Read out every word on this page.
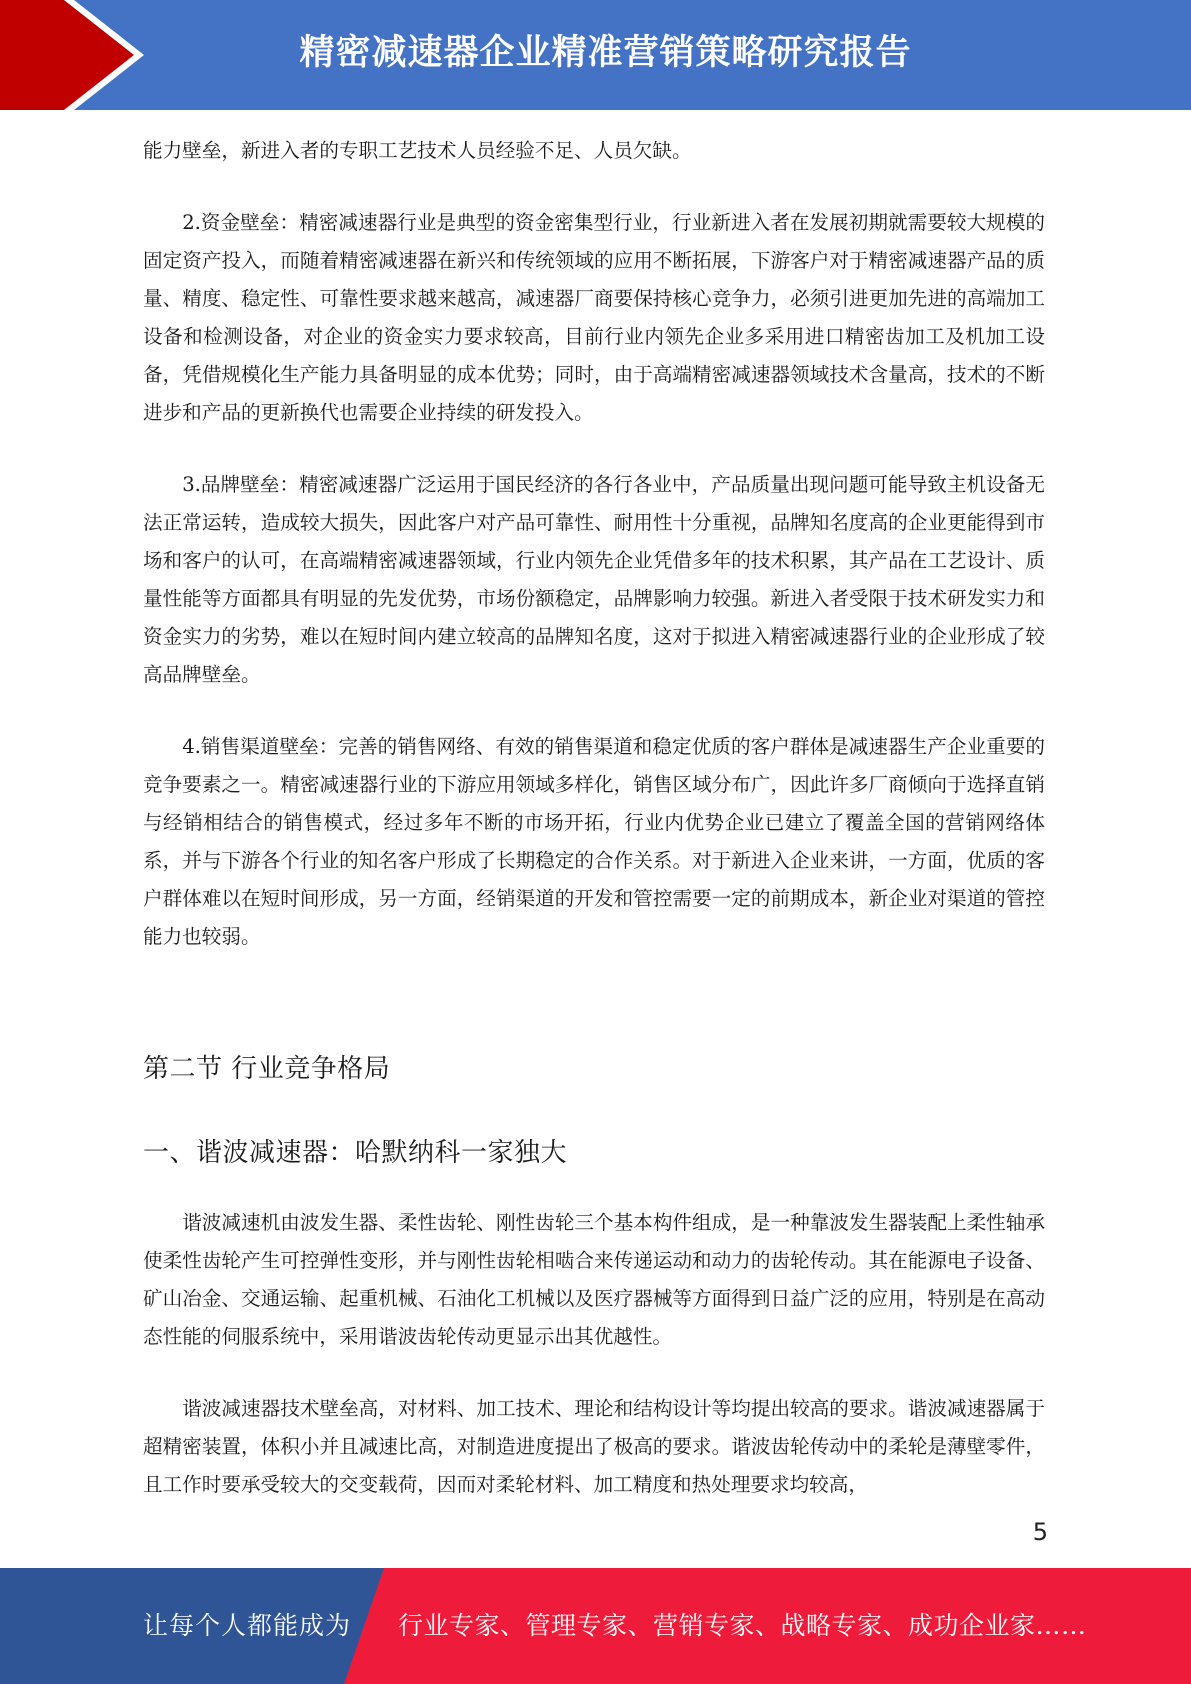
精密减速器企业精准营销策略研究报告

能力壁垒，新进入者的专职工艺技术人员经验不足、人员欠缺。

2.资金壁垒：精密减速器行业是典型的资金密集型行业，行业新进入者在发展初期就需要较大规模的固定资产投入，而随着精密减速器在新兴和传统领域的应用不断拓展，下游客户对于精密减速器产品的质量、精度、稳定性、可靠性要求越来越高，减速器厂商要保持核心竞争力，必须引进更加先进的高端加工设备和检测设备，对企业的资金实力要求较高，目前行业内领先企业多采用进口精密齿加工及机加工设备，凭借规模化生产能力具备明显的成本优势；同时，由于高端精密减速器领域技术含量高，技术的不断进步和产品的更新换代也需要企业持续的研发投入。

3.品牌壁垒：精密减速器广泛运用于国民经济的各行各业中，产品质量出现问题可能导致主机设备无法正常运转，造成较大损失，因此客户对产品可靠性、耐用性十分重视，品牌知名度高的企业更能得到市场和客户的认可，在高端精密减速器领域，行业内领先企业凭借多年的技术积累，其产品在工艺设计、质量性能等方面都具有明显的先发优势，市场份额稳定，品牌影响力较强。新进入者受限于技术研发实力和资金实力的劣势，难以在短时间内建立较高的品牌知名度，这对于拟进入精密减速器行业的企业形成了较高品牌壁垒。

4.销售渠道壁垒：完善的销售网络、有效的销售渠道和稳定优质的客户群体是减速器生产企业重要的竞争要素之一。精密减速器行业的下游应用领域多样化，销售区域分布广，因此许多厂商倾向于选择直销与经销相结合的销售模式，经过多年不断的市场开拓，行业内优势企业已建立了覆盖全国的营销网络体系，并与下游各个行业的知名客户形成了长期稳定的合作关系。对于新进入企业来讲，一方面，优质的客户群体难以在短时间形成，另一方面，经销渠道的开发和管控需要一定的前期成本，新企业对渠道的管控能力也较弱。

第二节 行业竞争格局
一、谐波减速器：哈默纳科一家独大

谐波减速机由波发生器、柔性齿轮、刚性齿轮三个基本构件组成，是一种靠波发生器装配上柔性轴承使柔性齿轮产生可控弹性变形，并与刚性齿轮相啮合来传递运动和动力的齿轮传动。其在能源电子设备、矿山冶金、交通运输、起重机械、石油化工机械以及医疗器械等方面得到日益广泛的应用，特别是在高动态性能的伺服系统中，采用谐波齿轮传动更显示出其优越性。

谐波减速器技术壁垒高，对材料、加工技术、理论和结构设计等均提出较高的要求。谐波减速器属于超精密装置，体积小并且减速比高，对制造进度提出了极高的要求。谐波齿轮传动中的柔轮是薄壁零件，且工作时要承受较大的交变载荷，因而对柔轮材料、加工精度和热处理要求均较高，

5
让每个人都能成为 行业专家、管理专家、营销专家、战略专家、成功企业家……
